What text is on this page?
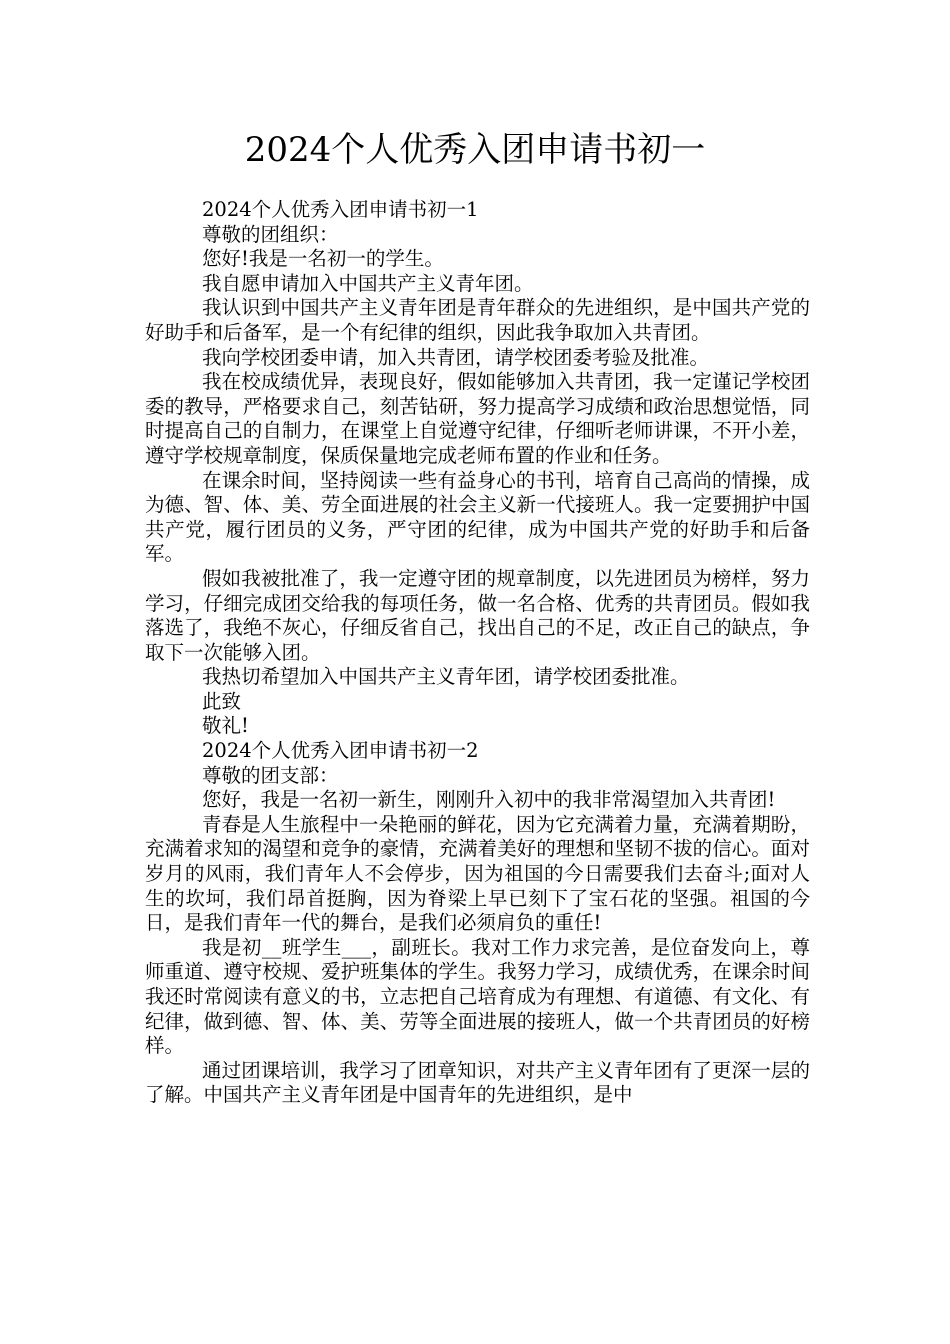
2024个人优秀入团申请书初一

2024个人优秀入团申请书初一1

尊敬的团组织：

您好!我是一名初一的学生。

我自愿申请加入中国共产主义青年团。

我认识到中国共产主义青年团是青年群众的先进组织，是中国共产党的好助手和后备军，是一个有纪律的组织，因此我争取加入共青团。

我向学校团委申请，加入共青团，请学校团委考验及批准。

我在校成绩优异，表现良好，假如能够加入共青团，我一定谨记学校团委的教导，严格要求自己，刻苦钻研，努力提高学习成绩和政治思想觉悟，同时提高自己的自制力，在课堂上自觉遵守纪律，仔细听老师讲课，不开小差，遵守学校规章制度，保质保量地完成老师布置的作业和任务。

在课余时间，坚持阅读一些有益身心的书刊，培育自己高尚的情操，成为德、智、体、美、劳全面进展的社会主义新一代接班人。我一定要拥护中国共产党，履行团员的义务，严守团的纪律，成为中国共产党的好助手和后备军。

假如我被批准了，我一定遵守团的规章制度，以先进团员为榜样，努力学习，仔细完成团交给我的每项任务，做一名合格、优秀的共青团员。假如我落选了，我绝不灰心，仔细反省自己，找出自己的不足，改正自己的缺点，争取下一次能够入团。

我热切希望加入中国共产主义青年团，请学校团委批准。

此致

敬礼!

2024个人优秀入团申请书初一2

尊敬的团支部：

您好，我是一名初一新生，刚刚升入初中的我非常渴望加入共青团!

青春是人生旅程中一朵艳丽的鲜花，因为它充满着力量，充满着期盼，充满着求知的渴望和竞争的豪情，充满着美好的理想和坚韧不拔的信心。面对岁月的风雨，我们青年人不会停步，因为祖国的今日需要我们去奋斗;面对人生的坎坷，我们昂首挺胸，因为脊梁上早已刻下了宝石花的坚强。祖国的今日，是我们青年一代的舞台，是我们必须肩负的重任!

我是初__班学生___，副班长。我对工作力求完善，是位奋发向上，尊师重道、遵守校规、爱护班集体的学生。我努力学习，成绩优秀，在课余时间我还时常阅读有意义的书，立志把自己培育成为有理想、有道德、有文化、有纪律，做到德、智、体、美、劳等全面进展的接班人，做一个共青团员的好榜样。

通过团课培训，我学习了团章知识，对共产主义青年团有了更深一层的了解。中国共产主义青年团是中国青年的先进组织，是中
